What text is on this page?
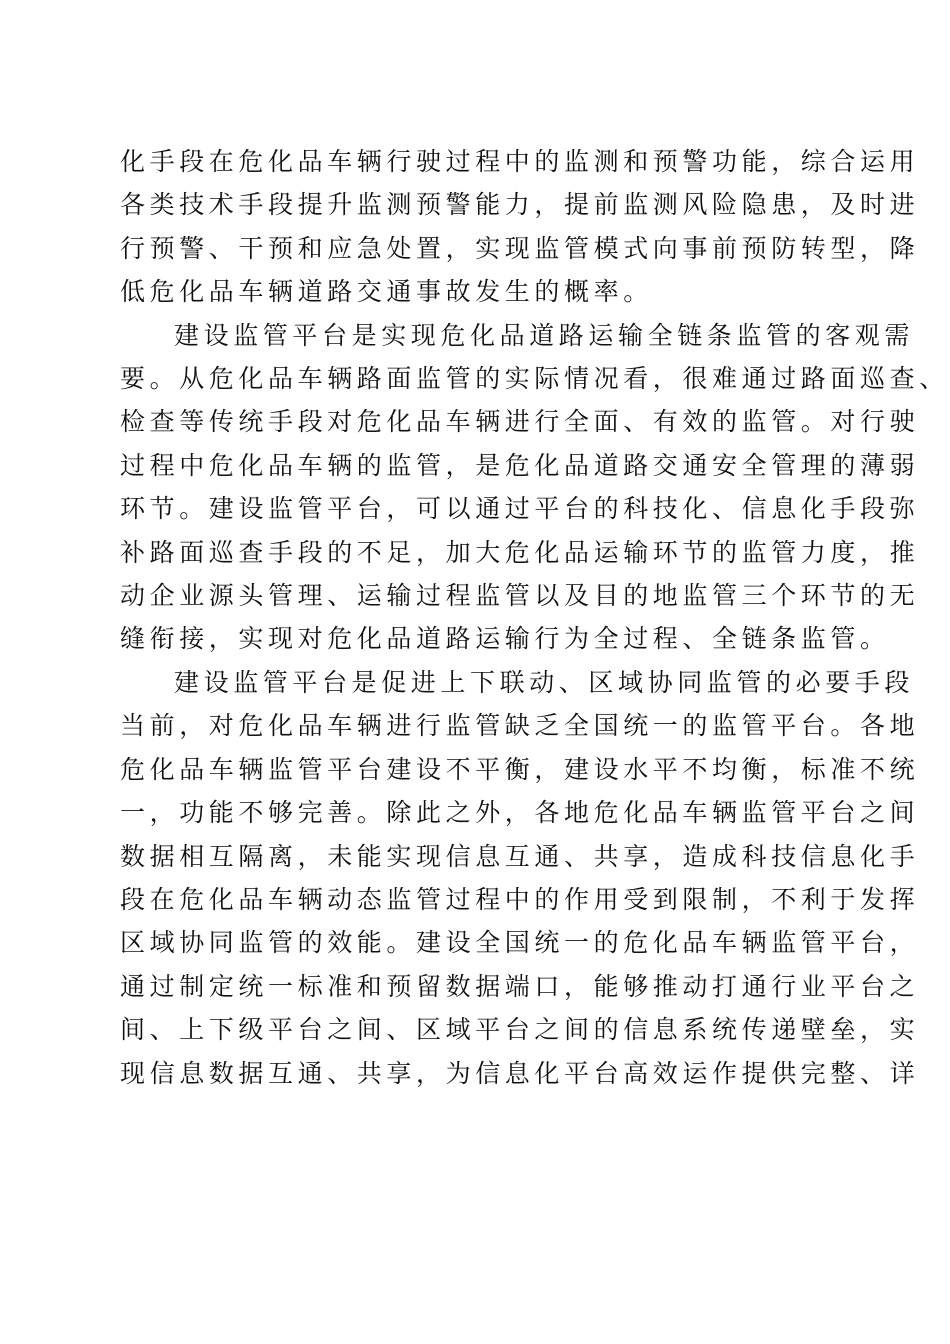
化手段在危化品车辆行驶过程中的监测和预警功能，综合运用
各类技术手段提升监测预警能力，提前监测风险隐患，及时进
行预警、干预和应急处置，实现监管模式向事前预防转型，降
低危化品车辆道路交通事故发生的概率。

建设监管平台是实现危化品道路运输全链条监管的客观需
要。从危化品车辆路面监管的实际情况看，很难通过路面巡查、
检查等传统手段对危化品车辆进行全面、有效的监管。对行驶
过程中危化品车辆的监管，是危化品道路交通安全管理的薄弱
环节。建设监管平台，可以通过平台的科技化、信息化手段弥
补路面巡查手段的不足，加大危化品运输环节的监管力度，推
动企业源头管理、运输过程监管以及目的地监管三个环节的无
缝衔接，实现对危化品道路运输行为全过程、全链条监管。

建设监管平台是促进上下联动、区域协同监管的必要手段
当前，对危化品车辆进行监管缺乏全国统一的监管平台。各地
危化品车辆监管平台建设不平衡，建设水平不均衡，标准不统
一，功能不够完善。除此之外，各地危化品车辆监管平台之间
数据相互隔离，未能实现信息互通、共享，造成科技信息化手
段在危化品车辆动态监管过程中的作用受到限制，不利于发挥
区域协同监管的效能。建设全国统一的危化品车辆监管平台，
通过制定统一标准和预留数据端口，能够推动打通行业平台之
间、上下级平台之间、区域平台之间的信息系统传递壁垒，实
现信息数据互通、共享，为信息化平台高效运作提供完整、详
